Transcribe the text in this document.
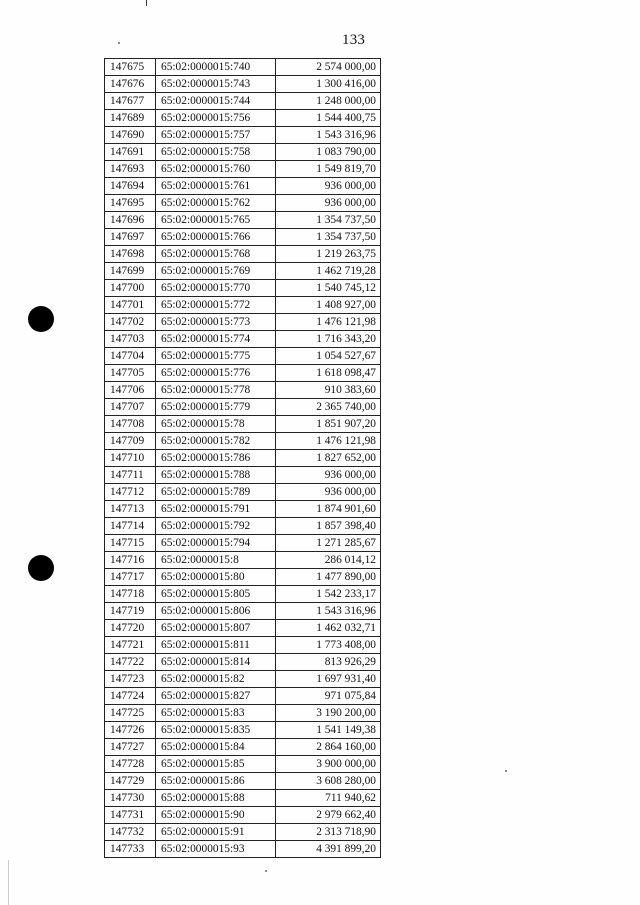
133
147675	65:02:0000015:740	2 574 000,00
147676	65:02:0000015:743	1 300 416,00
147677	65:02:0000015:744	1 248 000,00
147689	65:02:0000015:756	1 544 400,75
147690	65:02:0000015:757	1 543 316,96
147691	65:02:0000015:758	1 083 790,00
147693	65:02:0000015:760	1 549 819,70
147694	65:02:0000015:761	936 000,00
147695	65:02:0000015:762	936 000,00
147696	65:02:0000015:765	1 354 737,50
147697	65:02:0000015:766	1 354 737,50
147698	65:02:0000015:768	1 219 263,75
147699	65:02:0000015:769	1 462 719,28
147700	65:02:0000015:770	1 540 745,12
147701	65:02:0000015:772	1 408 927,00
147702	65:02:0000015:773	1 476 121,98
147703	65:02:0000015:774	1 716 343,20
147704	65:02:0000015:775	1 054 527,67
147705	65:02:0000015:776	1 618 098,47
147706	65:02:0000015:778	910 383,60
147707	65:02:0000015:779	2 365 740,00
147708	65:02:0000015:78	1 851 907,20
147709	65:02:0000015:782	1 476 121,98
147710	65:02:0000015:786	1 827 652,00
147711	65:02:0000015:788	936 000,00
147712	65:02:0000015:789	936 000,00
147713	65:02:0000015:791	1 874 901,60
147714	65:02:0000015:792	1 857 398,40
147715	65:02:0000015:794	1 271 285,67
147716	65:02:0000015:8	286 014,12
147717	65:02:0000015:80	1 477 890,00
147718	65:02:0000015:805	1 542 233,17
147719	65:02:0000015:806	1 543 316,96
147720	65:02:0000015:807	1 462 032,71
147721	65:02:0000015:811	1 773 408,00
147722	65:02:0000015:814	813 926,29
147723	65:02:0000015:82	1 697 931,40
147724	65:02:0000015:827	971 075,84
147725	65:02:0000015:83	3 190 200,00
147726	65:02:0000015:835	1 541 149,38
147727	65:02:0000015:84	2 864 160,00
147728	65:02:0000015:85	3 900 000,00
147729	65:02:0000015:86	3 608 280,00
147730	65:02:0000015:88	711 940,62
147731	65:02:0000015:90	2 979 662,40
147732	65:02:0000015:91	2 313 718,90
147733	65:02:0000015:93	4 391 899,20
